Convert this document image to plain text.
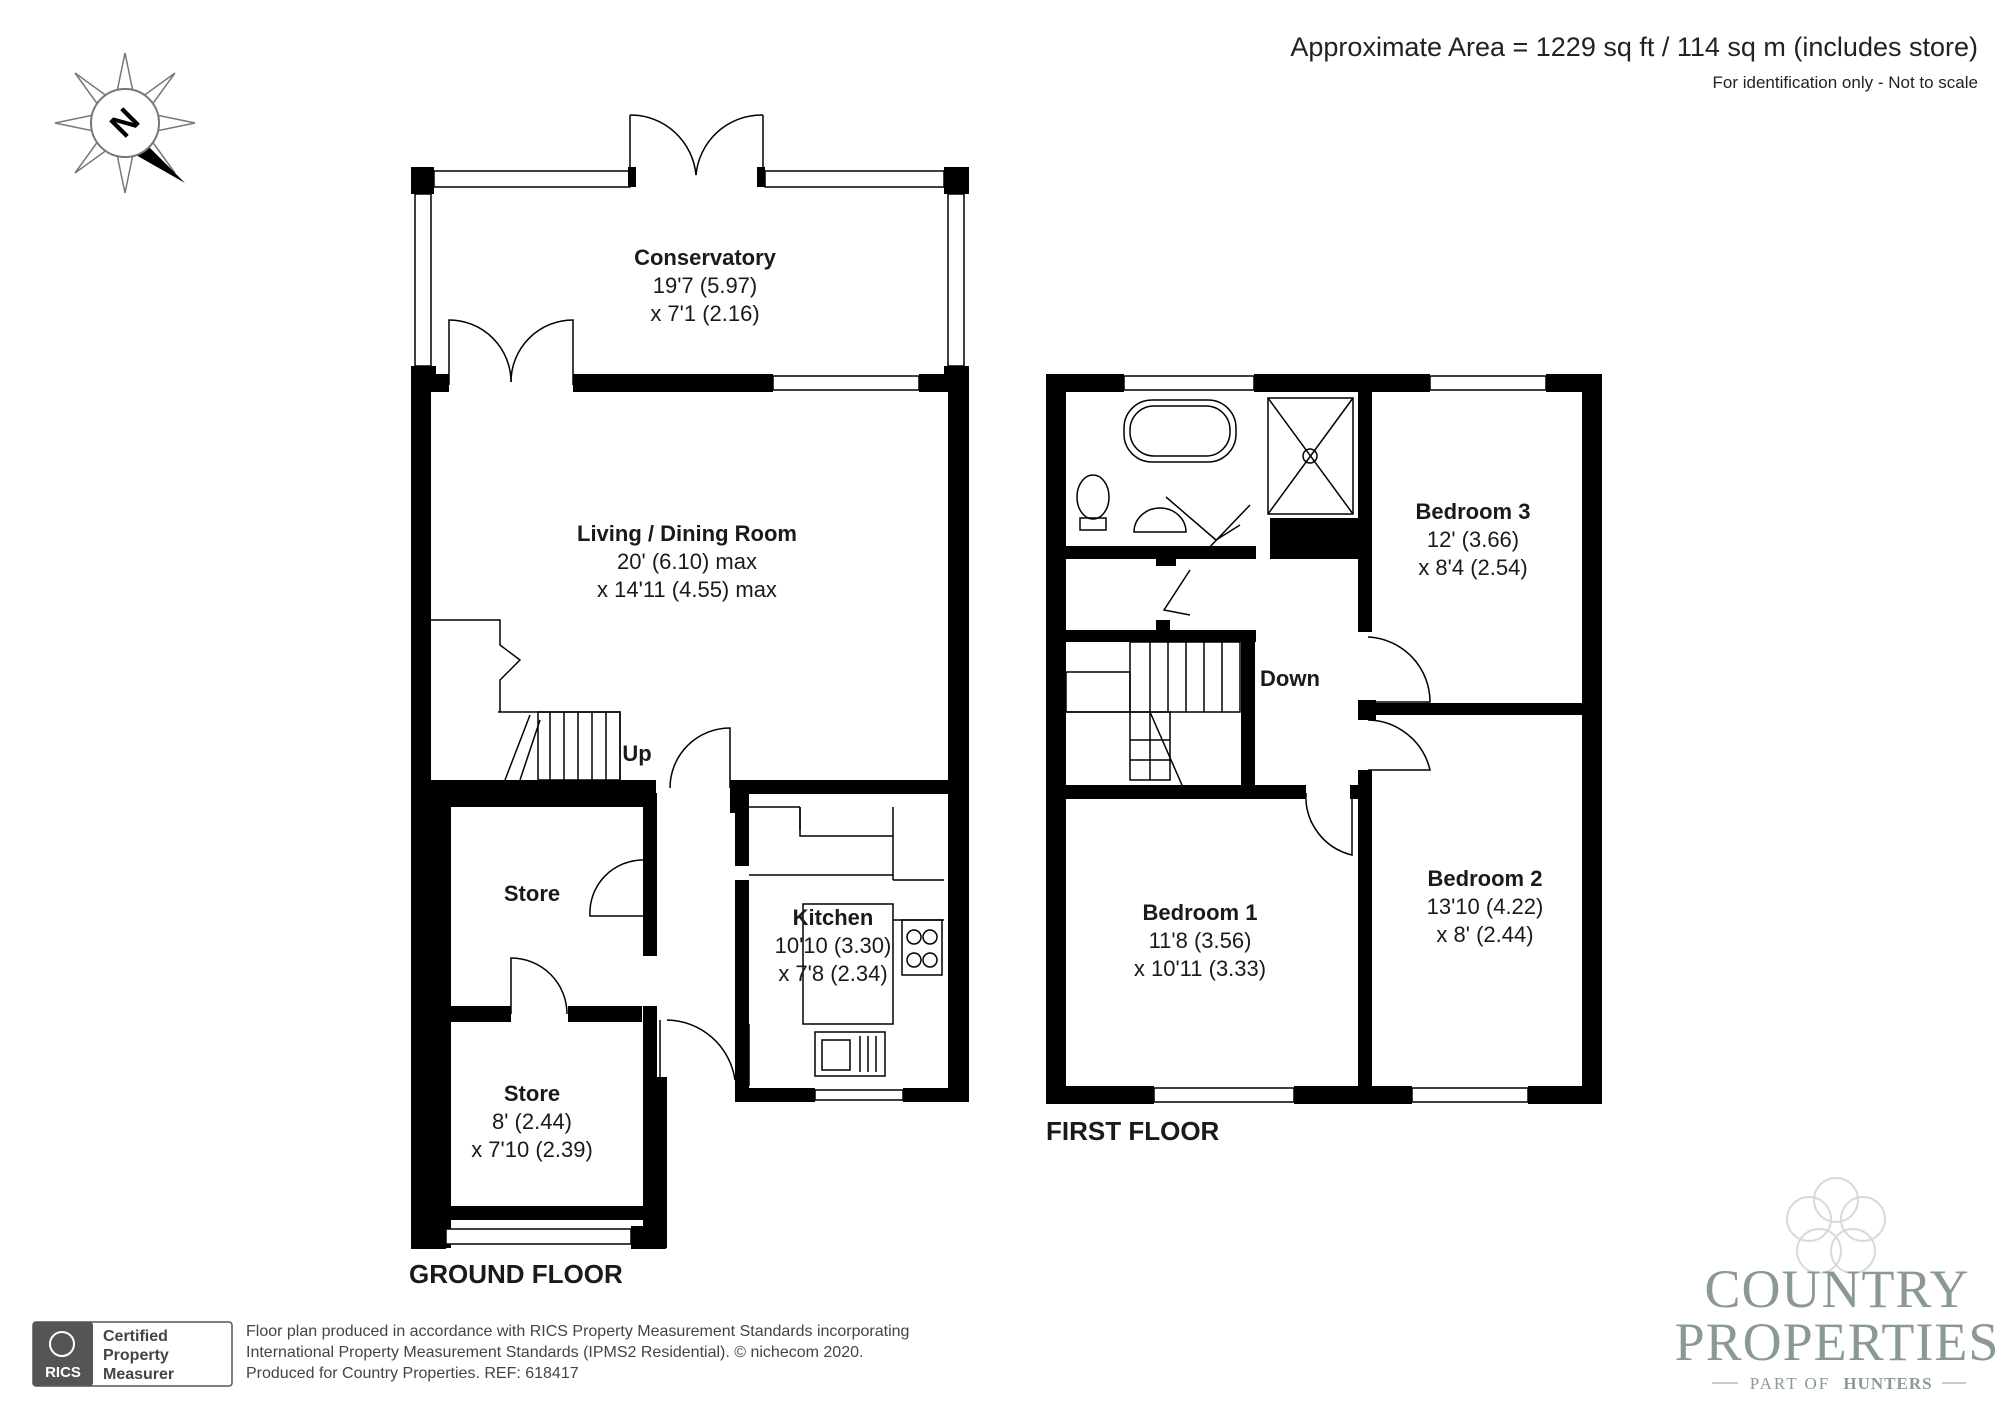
Approximate Area = 1229 sq ft / 114 sq m (includes store)
For identification only - Not to scale
N
Conservatory
19'7 (5.97)
x 7'1 (2.16)
Living / Dining Room
20' (6.10) max
x 14'11 (4.55) max
Up
Store
Store
8' (2.44)
x 7'10 (2.39)
Kitchen
10'10 (3.30)
x 7'8 (2.34)
GROUND FLOOR
Bedroom 3
12' (3.66)
x 8'4 (2.54)
Down
Bedroom 1
11'8 (3.56)
x 10'11 (3.33)
Bedroom 2
13'10 (4.22)
x 8' (2.44)
FIRST FLOOR
RICS
Certified
Property
Measurer
Floor plan produced in accordance with RICS Property Measurement Standards incorporating
International Property Measurement Standards (IPMS2 Residential). © nichecom 2020.
Produced for Country Properties. REF: 618417
COUNTRY
PROPERTIES
PART OF HUNTERS
